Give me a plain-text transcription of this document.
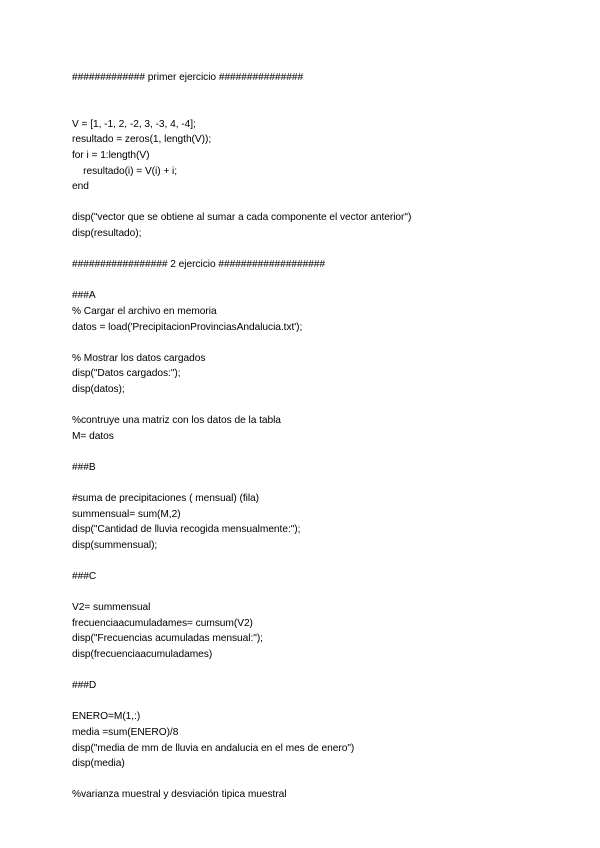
############# primer ejercicio ###############
V = [1, -1, 2, -2, 3, -3, 4, -4];
resultado = zeros(1, length(V));
for i = 1:length(V)
resultado(i) = V(i) + i;
end
disp("vector que se obtiene al sumar a cada componente el vector anterior")
disp(resultado);
################# 2 ejercicio ###################
###A
% Cargar el archivo en memoria
datos = load('PrecipitacionProvinciasAndalucia.txt');
% Mostrar los datos cargados
disp("Datos cargados:");
disp(datos);
%contruye una matriz con los datos de la tabla
M= datos
###B
#suma de precipitaciones ( mensual) (fila)
summensual= sum(M,2)
disp("Cantidad de lluvia recogida mensualmente:");
disp(summensual);
###C
V2= summensual
frecuenciaacumuladames= cumsum(V2)
disp("Frecuencias acumuladas mensual:");
disp(frecuenciaacumuladames)
###D
ENERO=M(1,:)
media =sum(ENERO)/8
disp("media de mm de lluvia en andalucia en el mes de enero")
disp(media)
%varianza muestral y desviación tipica muestral
